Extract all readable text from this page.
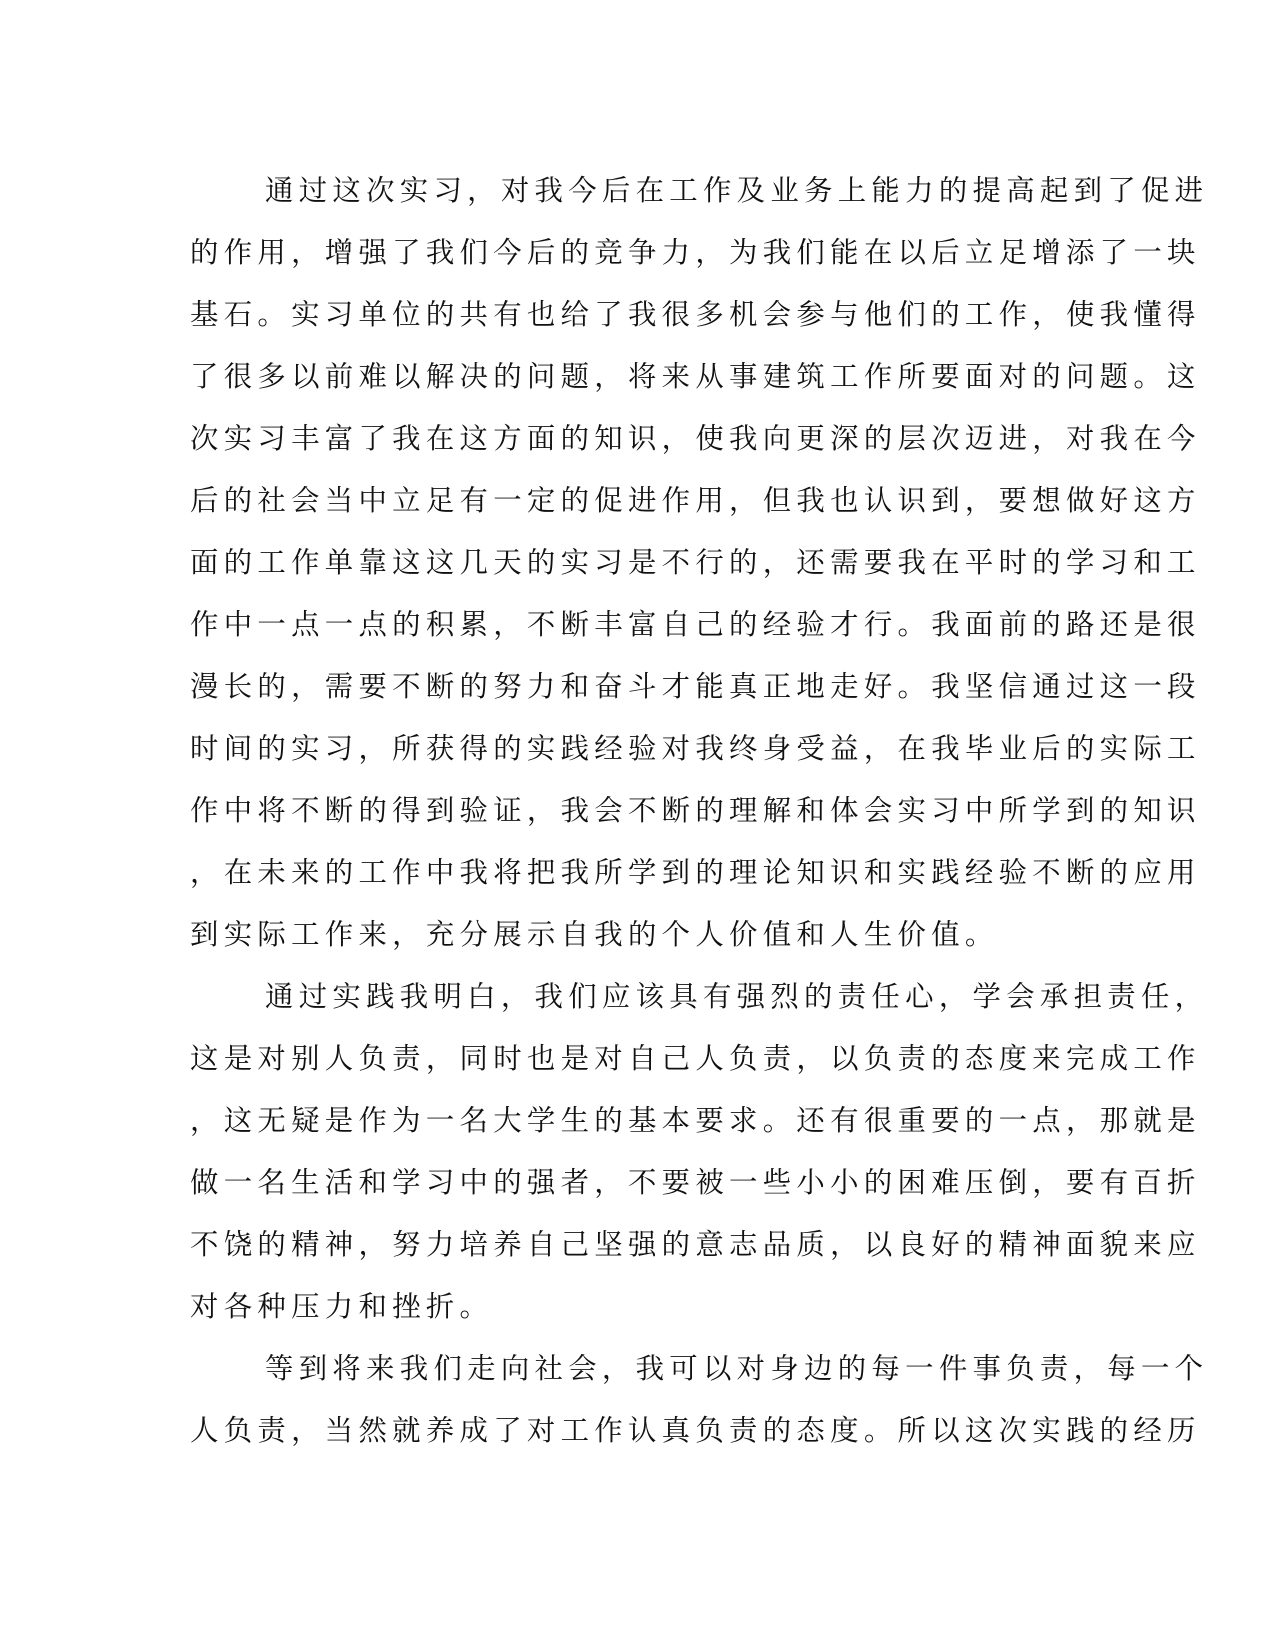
通过这次实习，对我今后在工作及业务上能力的提高起到了促进
的作用，增强了我们今后的竞争力，为我们能在以后立足增添了一块
基石。实习单位的共有也给了我很多机会参与他们的工作，使我懂得
了很多以前难以解决的问题，将来从事建筑工作所要面对的问题。这
次实习丰富了我在这方面的知识，使我向更深的层次迈进，对我在今
后的社会当中立足有一定的促进作用，但我也认识到，要想做好这方
面的工作单靠这这几天的实习是不行的，还需要我在平时的学习和工
作中一点一点的积累，不断丰富自己的经验才行。我面前的路还是很
漫长的，需要不断的努力和奋斗才能真正地走好。我坚信通过这一段
时间的实习，所获得的实践经验对我终身受益，在我毕业后的实际工
作中将不断的得到验证，我会不断的理解和体会实习中所学到的知识
，在未来的工作中我将把我所学到的理论知识和实践经验不断的应用
到实际工作来，充分展示自我的个人价值和人生价值。
通过实践我明白，我们应该具有强烈的责任心，学会承担责任，
这是对别人负责，同时也是对自己人负责，以负责的态度来完成工作
，这无疑是作为一名大学生的基本要求。还有很重要的一点，那就是
做一名生活和学习中的强者，不要被一些小小的困难压倒，要有百折
不饶的精神，努力培养自己坚强的意志品质，以良好的精神面貌来应
对各种压力和挫折。
等到将来我们走向社会，我可以对身边的每一件事负责，每一个
人负责，当然就养成了对工作认真负责的态度。所以这次实践的经历
